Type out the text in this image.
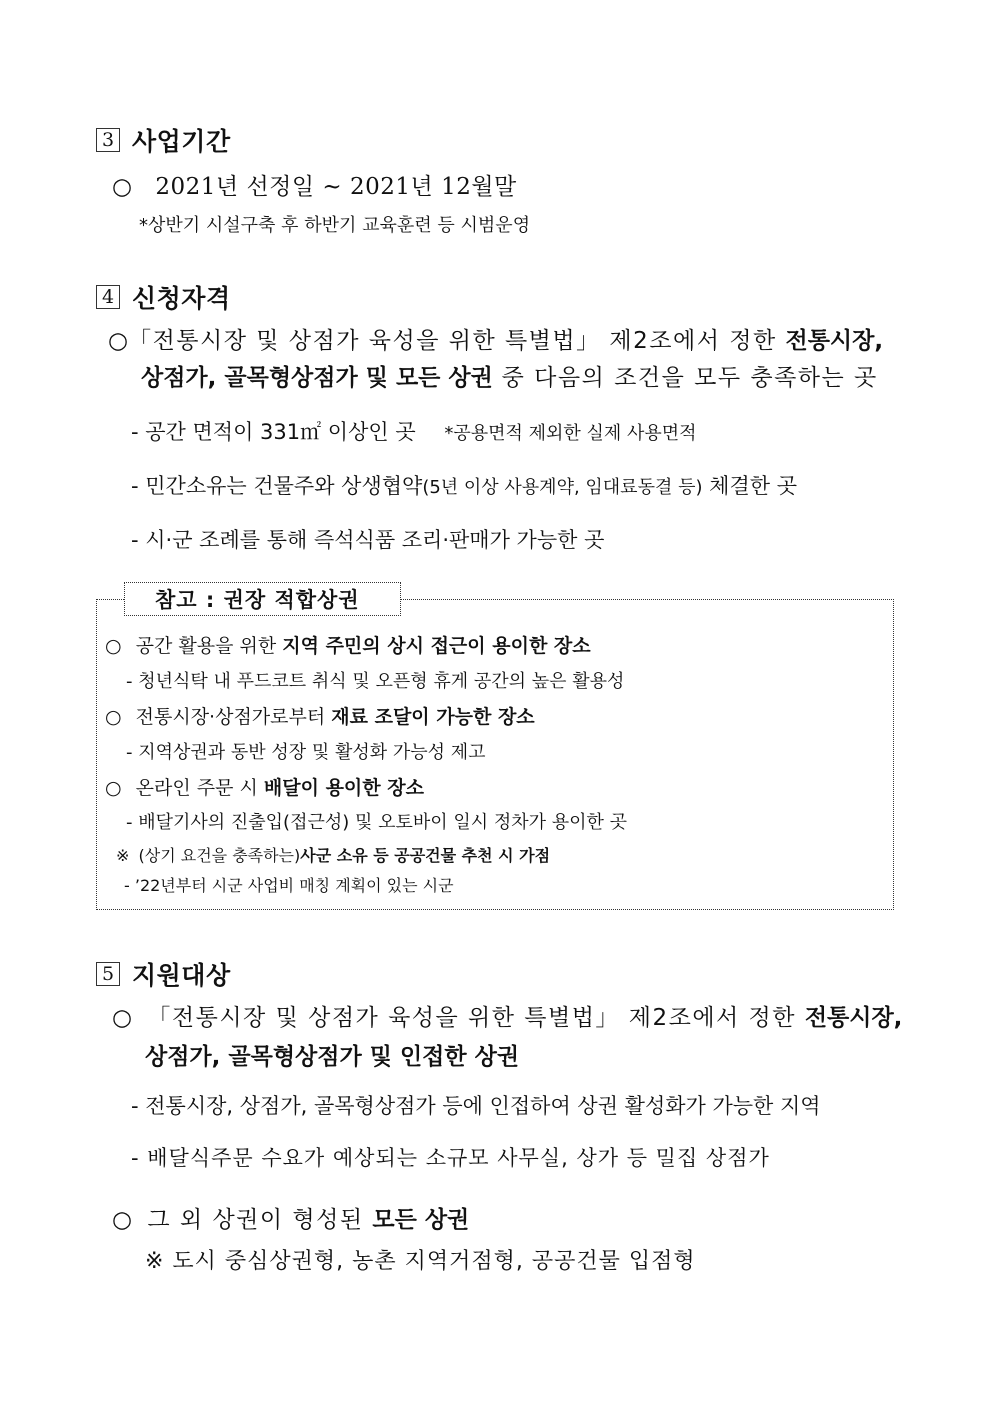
3 사업기간
○ 2021년 선정일 ~ 2021년 12월말
*상반기 시설구축 후 하반기 교육훈련 등 시범운영
4 신청자격
○「전통시장 및 상점가 육성을 위한 특별법」 제2조에서 정한 전통시장,
상점가, 골목형상점가 및 모든 상권 중 다음의 조건을 모두 충족하는 곳
- 공간 면적이 331㎡ 이상인 곳 *공용면적 제외한 실제 사용면적
- 민간소유는 건물주와 상생협약(5년 이상 사용계약, 임대료동결 등) 체결한 곳
- 시·군 조례를 통해 즉석식품 조리·판매가 가능한 곳
참고 : 권장 적합상권
○ 공간 활용을 위한 지역 주민의 상시 접근이 용이한 장소
- 청년식탁 내 푸드코트 취식 및 오픈형 휴게 공간의 높은 활용성
○ 전통시장·상점가로부터 재료 조달이 가능한 장소
- 지역상권과 동반 성장 및 활성화 가능성 제고
○ 온라인 주문 시 배달이 용이한 장소
- 배달기사의 진출입(접근성) 및 오토바이 일시 정차가 용이한 곳
※ (상기 요건을 충족하는)사군 소유 등 공공건물 추천 시 가점
- ’22년부터 시군 사업비 매칭 계획이 있는 시군
5 지원대상
○ 「전통시장 및 상점가 육성을 위한 특별법」 제2조에서 정한 전통시장,
상점가, 골목형상점가 및 인접한 상권
- 전통시장, 상점가, 골목형상점가 등에 인접하여 상권 활성화가 가능한 지역
- 배달식주문 수요가 예상되는 소규모 사무실, 상가 등 밀집 상점가
○ 그 외 상권이 형성된 모든 상권
※ 도시 중심상권형, 농촌 지역거점형, 공공건물 입점형
